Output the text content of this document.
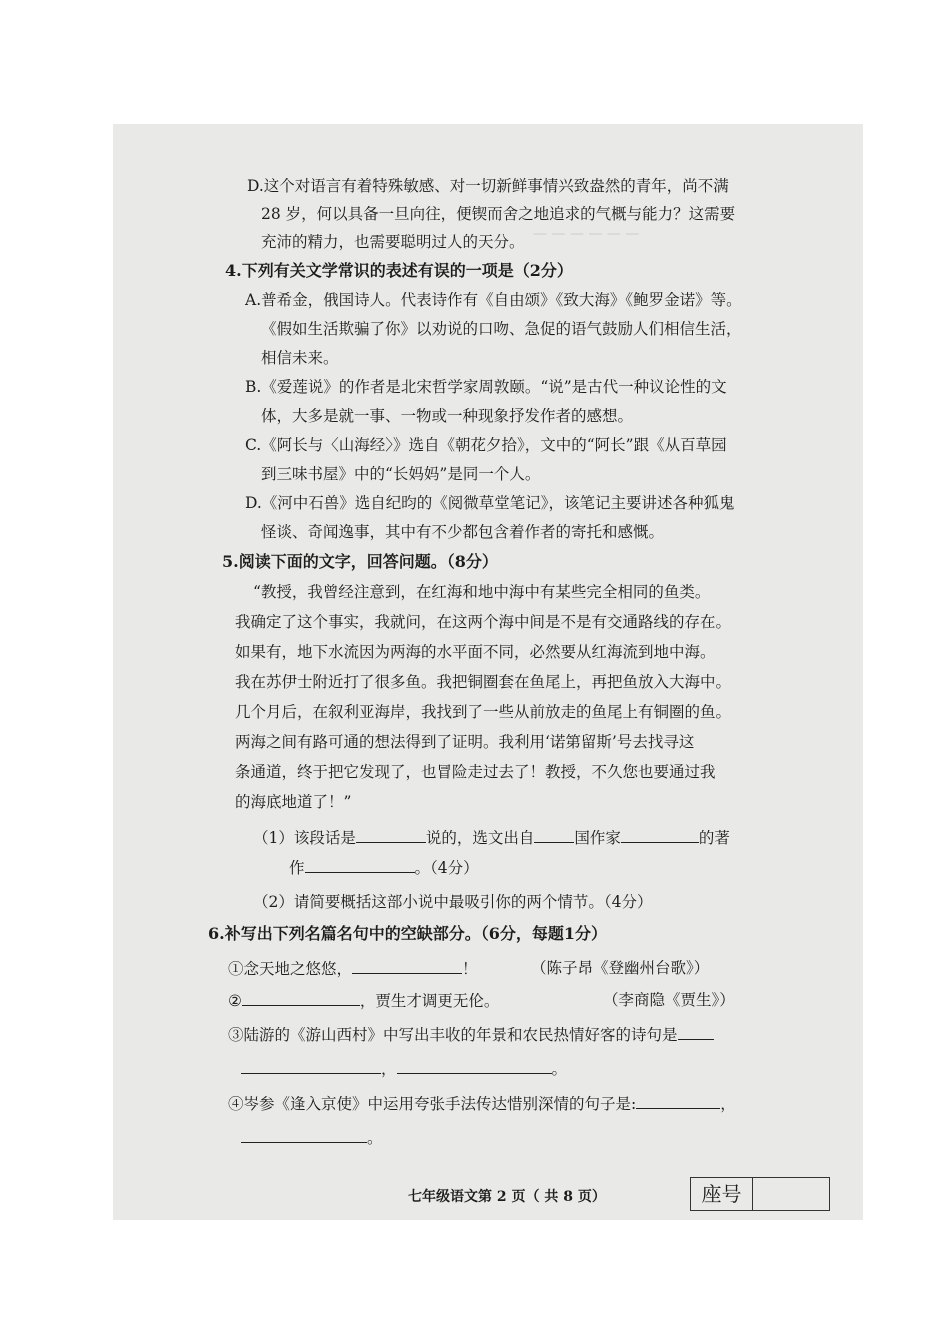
— — — — — —
D.这个对语言有着特殊敏感、对一切新鲜事情兴致盎然的青年，尚不满
28 岁，何以具备一旦向往，便锲而舍之地追求的气概与能力？这需要
充沛的精力，也需要聪明过人的天分。
4.下列有关文学常识的表述有误的一项是（2分）
A.普希金，俄国诗人。代表诗作有《自由颂》《致大海》《鲍罗金诺》等。
《假如生活欺骗了你》以劝说的口吻、急促的语气鼓励人们相信生活，
相信未来。
B.《爱莲说》的作者是北宋哲学家周敦颐。“说”是古代一种议论性的文
体，大多是就一事、一物或一种现象抒发作者的感想。
C.《阿长与〈山海经〉》选自《朝花夕拾》，文中的“阿长”跟《从百草园
到三味书屋》中的“长妈妈”是同一个人。
D.《河中石兽》选自纪昀的《阅微草堂笔记》，该笔记主要讲述各种狐鬼
怪谈、奇闻逸事，其中有不少都包含着作者的寄托和感慨。
5.阅读下面的文字，回答问题。（8分）
“教授，我曾经注意到，在红海和地中海中有某些完全相同的鱼类。
我确定了这个事实，我就问，在这两个海中间是不是有交通路线的存在。
如果有，地下水流因为两海的水平面不同，必然要从红海流到地中海。
我在苏伊士附近打了很多鱼。我把铜圈套在鱼尾上，再把鱼放入大海中。
几个月后，在叙利亚海岸，我找到了一些从前放走的鱼尾上有铜圈的鱼。
两海之间有路可通的想法得到了证明。我利用‘诺第留斯’号去找寻这
条通道，终于把它发现了，也冒险走过去了！教授，不久您也要通过我
的海底地道了！”
（1）该段话是	说的，选文出自	国作家	的著
作	。（4分）
（2）请简要概括这部小说中最吸引你的两个情节。（4分）
6.补写出下列名篇名句中的空缺部分。（6分，每题1分）
①念天地之悠悠，	！	（陈子昂《登幽州台歌》）
②	，贾生才调更无伦。	（李商隐《贾生》）
③陆游的《游山西村》中写出丰收的年景和农民热情好客的诗句是
，	。
④岑参《逢入京使》中运用夸张手法传达惜别深情的句子是:	，
。
七年级语文第 2 页（ 共 8 页）	座号
